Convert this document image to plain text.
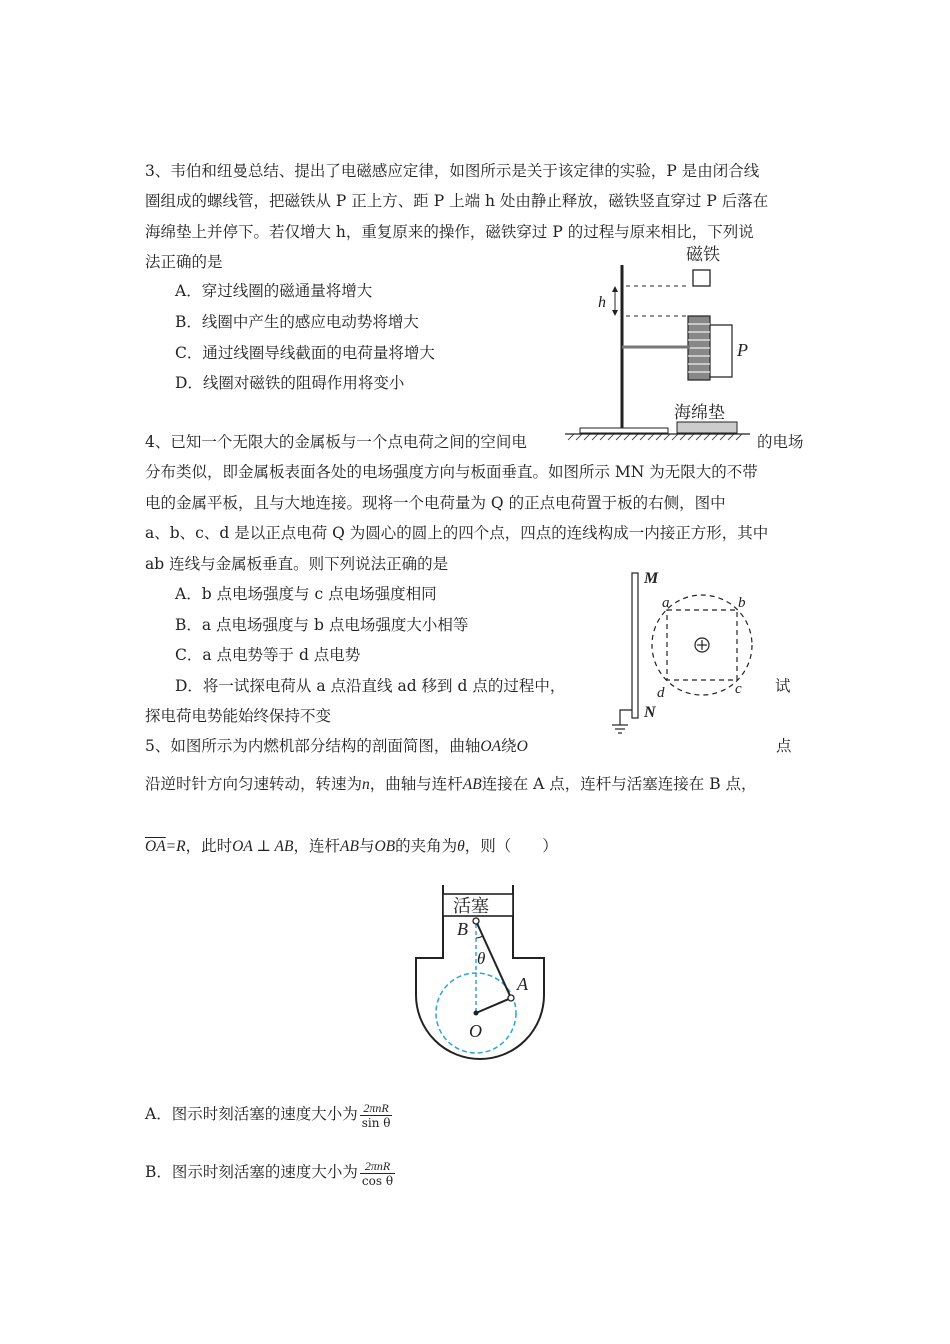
3、韦伯和纽曼总结、提出了电磁感应定律，如图所示是关于该定律的实验，P 是由闭合线
圈组成的螺线管，把磁铁从 P 正上方、距 P 上端 h 处由静止释放，磁铁竖直穿过 P 后落在
海绵垫上并停下。若仅增大 h，重复原来的操作，磁铁穿过 P 的过程与原来相比，下列说
法正确的是
A．穿过线圈的磁通量将增大
B．线圈中产生的感应电动势将增大
C．通过线圈导线截面的电荷量将增大
D．线圈对磁铁的阻碍作用将变小
磁铁
h
P
海绵垫
4、已知一个无限大的金属板与一个点电荷之间的空间电	的电场
分布类似，即金属板表面各处的电场强度方向与板面垂直。如图所示 MN 为无限大的不带
电的金属平板，且与大地连接。现将一个电荷量为 Q 的正点电荷置于板的右侧，图中
a、b、c、d 是以正点电荷 Q 为圆心的圆上的四个点，四点的连线构成一内接正方形，其中
ab 连线与金属板垂直。则下列说法正确的是
A．b 点电场强度与 c 点电场强度相同
B．a 点电场强度与 b 点电场强度大小相等
C．a 点电势等于 d 点电势
D．将一试探电荷从 a 点沿直线 ad 移到 d 点的过程中，	试
探电荷电势能始终保持不变
M
N
a	b
c
d
5、如图所示为内燃机部分结构的剖面简图，曲轴OA绕O	点
沿逆时针方向匀速转动，转速为n，曲轴与连杆AB连接在 A 点，连杆与活塞连接在 B 点，
$\overline{OA}=R$，此时OA ⊥ AB，连杆AB与OB的夹角为θ，则（　　）
活塞
B
θ
A
O
A．图示时刻活塞的速度大小为 $\frac{\text{2πnR}}{\text{sin θ}}$
B．图示时刻活塞的速度大小为 $\frac{\text{2πnR}}{\text{cos θ}}$
